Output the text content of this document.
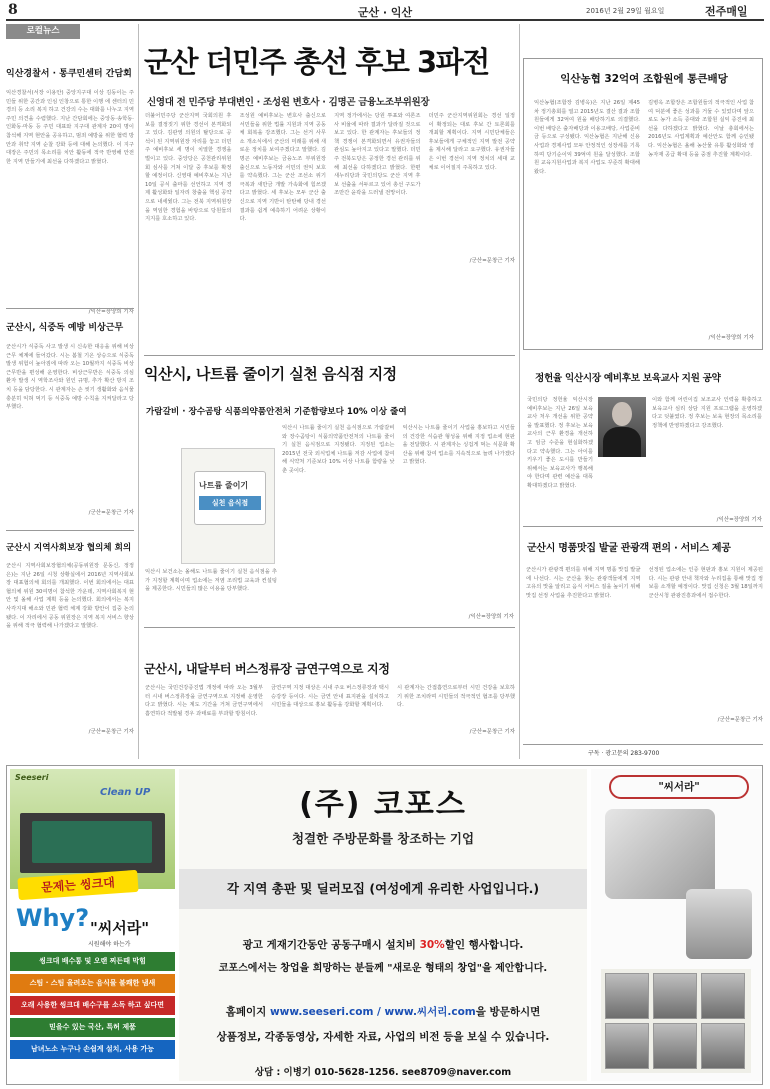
8	군산 · 익산	2016년 2월 29일 월요일	전주매일
로컬뉴스
익산경찰서 · 통쿠민센터 간담회

익산경찰서(서장 이용안) 중앙지구대 이상 김동이는 주민들 위한 공간과 인심 인창으로 통한 이행 에 센터의 민경의 등 소리 복지 하고 건강의 수는 대화를 나누고 지역 주민 의견을 수렴했다. 지난 간담회에는 중앙동·송학동·인화동·마동 등 주민 대표와 지구대 관계자 20여 명이 참석해 지역 현안을 공유하고, 범죄 예방을 위한 협력 방안과 취약 지역 순찰 강화 등에 대해 논의했다. 이 지구대장은 주민의 목소리를 치안 활동에 적극 반영해 안전한 지역 만들기에 최선을 다하겠다고 밝혔다.

/익산=장양희 기자
군산시, 식중독 예방 비상근무

군산시가 식중독 사고 발생 시 신속한 대응을 위해 비상 근무 체계에 들어갔다. 시는 봄철 기온 상승으로 식중독 발생 위험이 높아짐에 따라 오는 10월까지 식중독 비상근무반을 편성해 운영한다. 비상근무반은 식중독 의심 환자 발생 시 역학조사와 원인 규명, 추가 확산 방지 조치 등을 담당한다. 시 관계자는 손 씻기 생활화와 음식물 충분히 익혀 먹기 등 식중독 예방 수칙을 지켜달라고 당부했다.

/군산=문창근 기자
군산시 지역사회보장 협의체 회의

군산시 지역사회보장협의체(공동위원장 문동신, 정정은)는 지난 26일 시청 상황실에서 2016년 지역사회보장 대표협의체 회의를 개최했다. 이번 회의에서는 대표협의체 위원 30여명이 참석한 가운데, 지역사회복지 현안 및 올해 사업 계획 등을 논의했다. 회의에서는 복지 사각지대 해소와 민관 협력 체계 강화 방안이 집중 논의됐다. 이 자리에서 공동 위원장은 지역 복지 서비스 향상을 위해 적극 협력해 나가겠다고 말했다.

/군산=문창근 기자
군산 더민주 총선 후보 3파전
신영대 전 민주당 부대변인 · 조성원 변호사 · 김명곤 금융노조부위원장

더불어민주당 군산지역 국회의원 후보를 결정짓기 위한 경선이 본격화되고 있다. 김관영 의원의 탈당으로 공석이 된 지역위원장 자리를 놓고 더민주 예비후보 세 명이 치열한 경쟁을 벌이고 있다. 중앙당은 공천관리위원회 심사를 거쳐 이달 중 후보를 확정할 예정이다. 신영대 예비후보는 지난 10일 공식 출마를 선언하고 지역 경제 활성화와 일자리 창출을 핵심 공약으로 내세웠다. 그는 전북 지역위원장을 역임한 경험을 바탕으로 당원들의 지지를 호소하고 있다.

조성원 예비후보는 변호사 출신으로 서민들을 위한 법률 지원과 지역 공동체 회복을 강조했다. 그는 선거 사무소 개소식에서 군산의 미래를 위해 새로운 정치를 보여주겠다고 말했다. 김명곤 예비후보는 금융노조 부위원장 출신으로 노동자와 서민의 권익 보호를 약속했다. 그는 군산 조선소 위기 극복과 새만금 개발 가속화에 힘쓰겠다고 밝혔다. 세 후보는 모두 군산 출신으로 지역 기반이 탄탄해 당내 경선 결과를 쉽게 예측하기 어려운 상황이다.

지역 정가에서는 당원 투표와 여론조사 비율에 따라 결과가 달라질 것으로 보고 있다. 한 관계자는 후보들의 정책 경쟁이 본격화되면서 유권자들의 관심도 높아지고 있다고 말했다. 더민주 전북도당은 공정한 경선 관리를 위해 최선을 다하겠다고 밝혔다. 한편 새누리당과 국민의당도 군산 지역 후보 선출을 서두르고 있어 총선 구도가 조만간 윤곽을 드러낼 전망이다.

더민주 군산지역위원회는 경선 일정이 확정되는 대로 후보 간 토론회를 개최할 계획이다. 지역 시민단체들은 후보들에게 구체적인 지역 발전 공약을 제시해 달라고 요구했다. 유권자들은 이번 경선이 지역 정치의 세대 교체로 이어질지 주목하고 있다.

/군산=문창근 기자
익산농협 32억여 조합원에 통큰배당

익산농협(조합장 김병옥)은 지난 26일 제45차 정기총회를 열고 2015년도 결산 결과 조합원들에게 32억여 원을 배당하기로 의결했다. 이번 배당은 출자배당과 이용고배당, 사업준비금 등으로 구성됐다. 익산농협은 지난해 신용사업과 경제사업 모두 안정적인 성장세를 기록하며 당기순이익 39억여 원을 달성했다. 조합원 교육지원사업과 복지 사업도 꾸준히 확대해 왔다.

김병옥 조합장은 조합원들의 적극적인 사업 참여 덕분에 좋은 성과를 거둘 수 있었다며 앞으로도 농가 소득 증대와 조합원 실익 증진에 최선을 다하겠다고 밝혔다. 이날 총회에서는 2016년도 사업계획과 예산안도 함께 승인됐다. 익산농협은 올해 농산물 유통 활성화와 영농자재 공급 확대 등을 중점 추진할 계획이다.

/익산=장양희 기자
익산시, 나트륨 줄이기 실천 음식점 지정
가람갈비 · 장수곰탕 식품의약품안전처 기준함량보다 10% 이상 줄여
나트륨 줄이기
실천 음식점

익산시 나트륨 줄이기 실천 음식점으로 가람갈비와 장수곰탕이 식품의약품안전처의 나트륨 줄이기 실천 음식점으로 지정됐다. 지정된 업소는 2015년 전국 외식업체 나트륨 저감 사업에 참여해 식약처 기준보다 10% 이상 나트륨 함량을 낮춘 곳이다.

익산시는 나트륨 줄이기 사업을 홍보하고 시민들의 건강한 식습관 형성을 위해 지정 업소에 현판을 전달했다. 시 관계자는 싱겁게 먹는 식문화 확산을 위해 참여 업소를 지속적으로 늘려 나가겠다고 밝혔다.

익산시 보건소는 올해도 나트륨 줄이기 실천 음식점을 추가 지정할 계획이며 업소에는 저염 조리법 교육과 컨설팅을 제공한다. 시민들의 많은 이용을 당부했다.

/익산=장양희 기자
군산시, 내달부터 버스정류장 금연구역으로 지정

군산시는 국민건강증진법 개정에 따라 오는 3월부터 시내 버스정류장을 금연구역으로 지정해 운영한다고 밝혔다. 시는 계도 기간을 거쳐 금연구역에서 흡연하다 적발될 경우 과태료를 부과할 방침이다.

금연구역 지정 대상은 시내 주요 버스정류장과 택시 승강장 등이다. 시는 금연 안내 표지판을 설치하고 시민들을 대상으로 홍보 활동을 강화할 계획이다.

시 관계자는 간접흡연으로부터 시민 건강을 보호하기 위한 조치라며 시민들의 적극적인 협조를 당부했다.

/군산=문창근 기자
정헌율 익산시장 예비후보 보육교사 지원 공약

국민의당 정헌율 익산시장 예비후보는 지난 26일 보육교사 처우 개선을 위한 공약을 발표했다. 정 후보는 보육교사의 근무 환경을 개선하고 임금 수준을 현실화하겠다고 약속했다. 그는 아이를 키우기 좋은 도시를 만들기 위해서는 보육교사가 행복해야 한다며 관련 예산을 대폭 확대하겠다고 밝혔다.

이와 함께 어린이집 보조교사 인력을 확충하고 보육교사 심리 상담 지원 프로그램을 운영하겠다고 덧붙였다. 정 후보는 보육 현장의 목소리를 정책에 반영하겠다고 강조했다.

/익산=장양희 기자
군산시 명품맛집 발굴 관광객 편의 · 서비스 제공

군산시가 관광객 편의를 위해 지역 명품 맛집 발굴에 나선다. 시는 군산을 찾는 관광객들에게 지역 고유의 맛을 알리고 음식 서비스 질을 높이기 위해 맛집 선정 사업을 추진한다고 밝혔다.

선정된 업소에는 인증 현판과 홍보 지원이 제공된다. 시는 관광 안내 책자와 누리집을 통해 맛집 정보를 소개할 예정이다. 맛집 신청은 3월 18일까지 군산시청 관광진흥과에서 접수한다.

/군산=문창근 기자
구독 · 광고문의 283-9700
Seeseri
Clean UP
문제는 씽크대
Why? "씨서라"
시원해야 하는가
씽크대 배수통 및 오랜 찌든때 막힘
스팀 · 스팀 올려오는 음식물 불쾌한 냄새
오래 사용한 씽크대 배수구를 소독 하고 싶다면
믿을수 있는 국산, 특허 제품
남녀노소 누구나 손쉽게 설치, 사용 가능
(주) 코포스
청결한 주방문화를 창조하는 기업
각 지역 총판 및 딜러모집 (여성에게 유리한 사업입니다.)
광고 게재기간동안 공동구매시 설치비 30%할인 행사합니다.
코포스에서는 창업을 희망하는 분들께 "새로운 형태의 창업"을 제안합니다.
홈페이지 www.seeseri.com / www.씨서리.com을 방문하시면
상품정보, 각종동영상, 자세한 자료, 사업의 비전 등을 보실 수 있습니다.
상담 : 이병기 010-5628-1256. see8709@naver.com
"씨서라"
